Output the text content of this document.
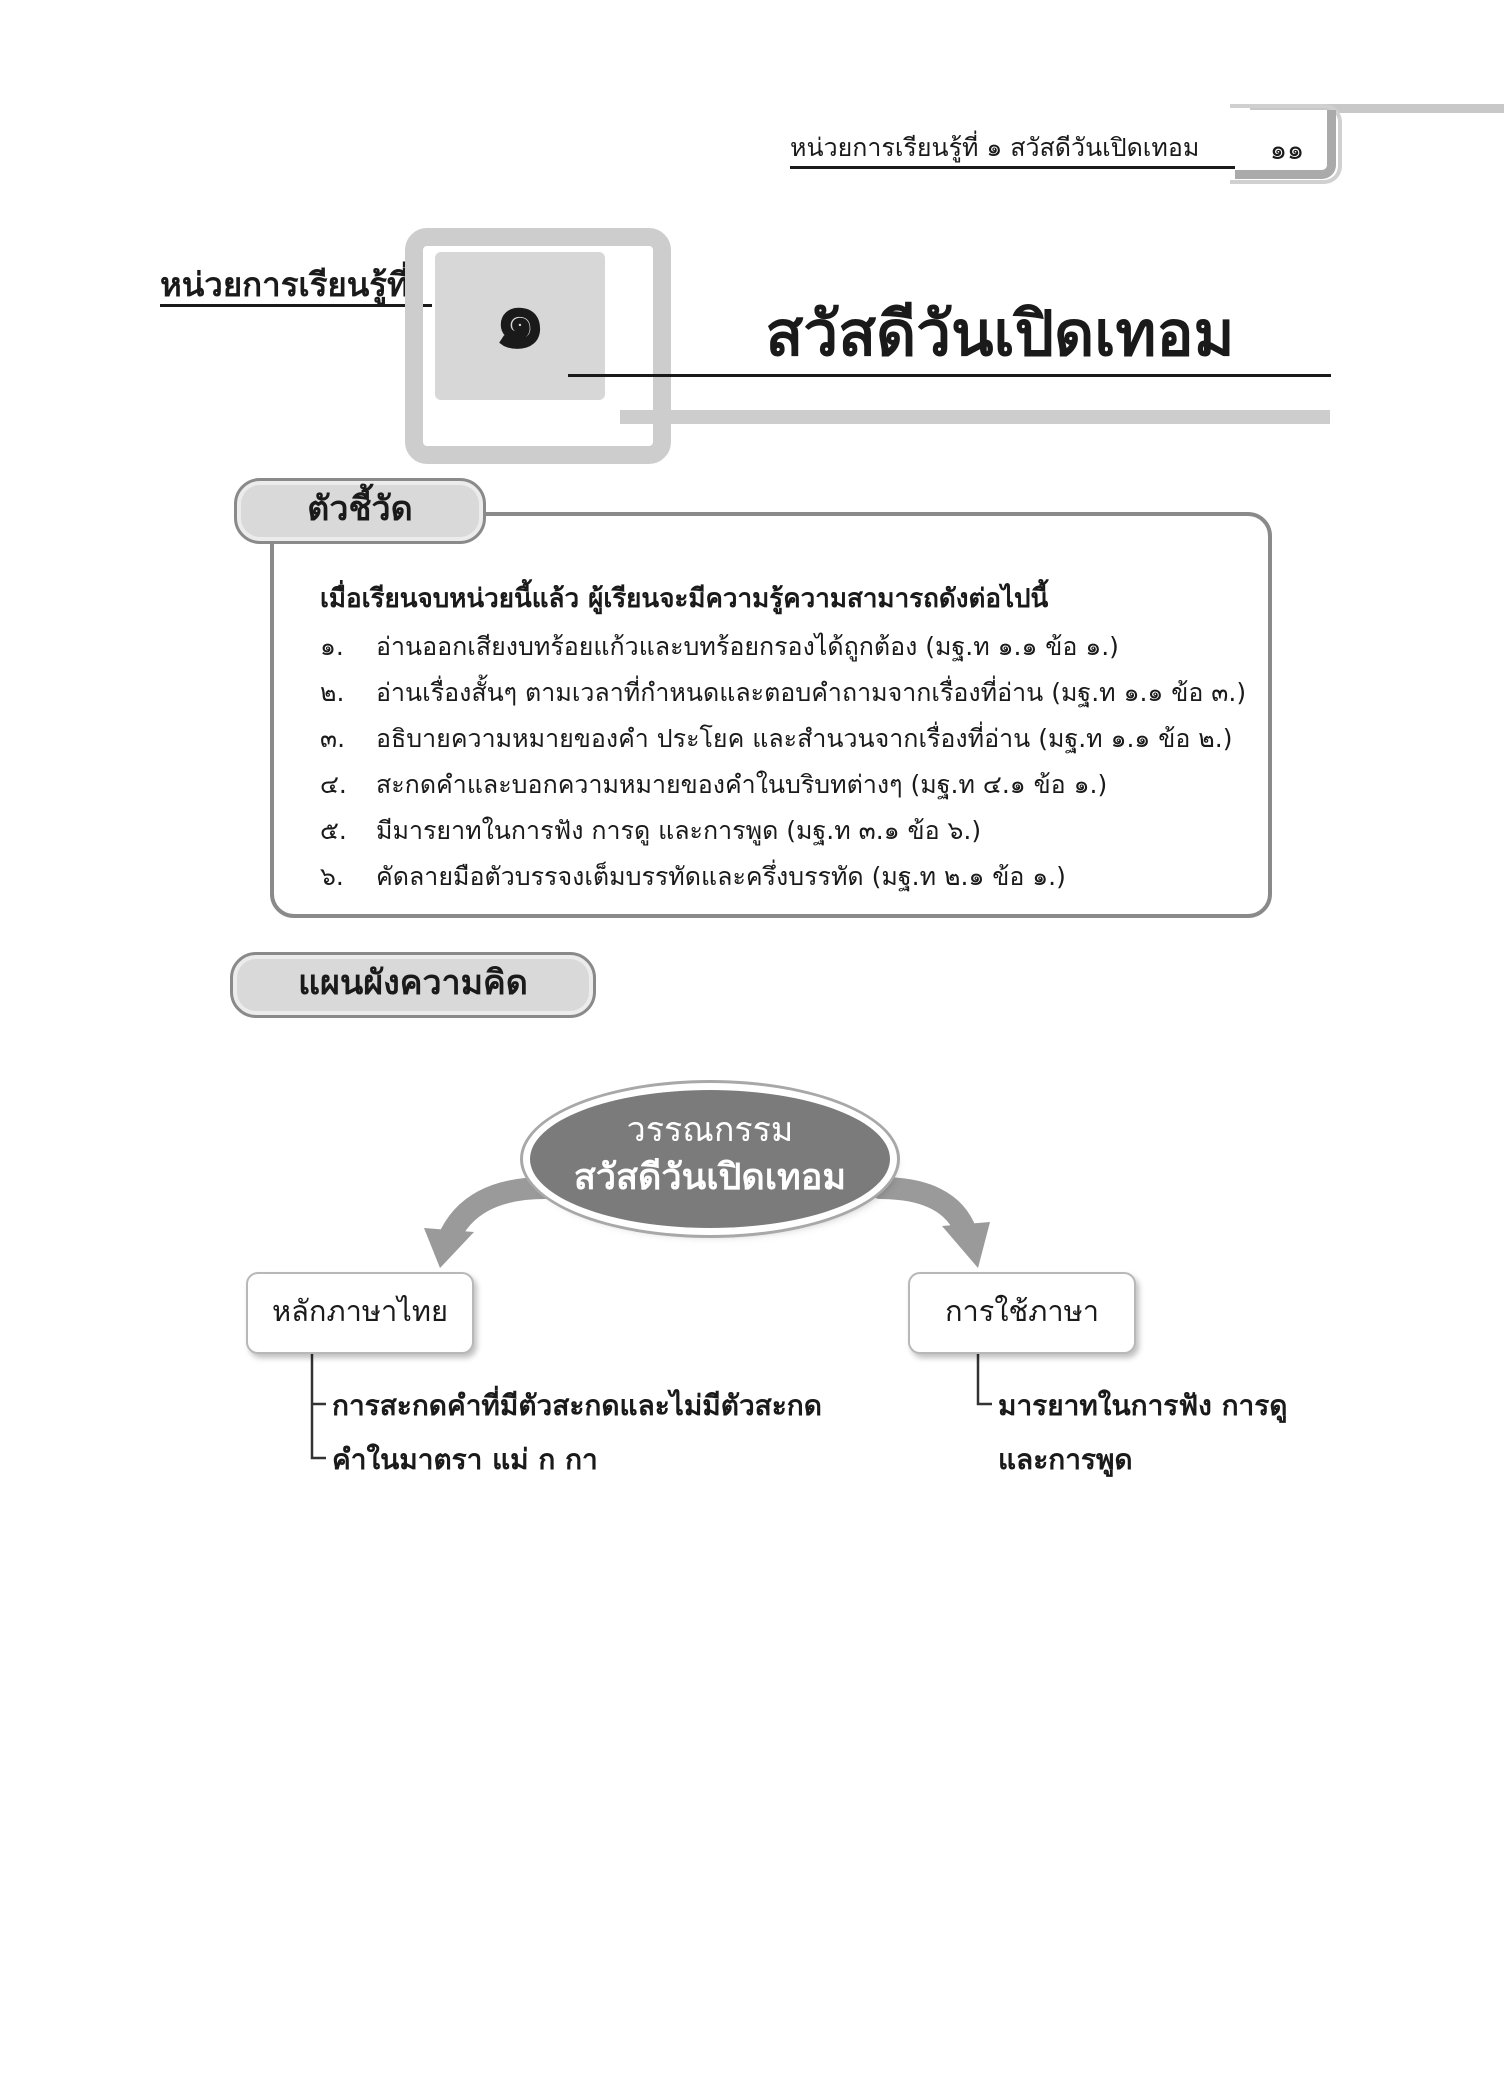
หน่วยการเรียนรู้ที่ ๑ สวัสดีวันเปิดเทอม	๑๑
หน่วยการเรียนรู้ที่	๑	สวัสดีวันเปิดเทอม
ตัวชี้วัด
เมื่อเรียนจบหน่วยนี้แล้ว ผู้เรียนจะมีความรู้ความสามารถดังต่อไปนี้
๑.	อ่านออกเสียงบทร้อยแก้วและบทร้อยกรองได้ถูกต้อง (มฐ.ท ๑.๑ ข้อ ๑.)
๒.	อ่านเรื่องสั้นๆ ตามเวลาที่กำหนดและตอบคำถามจากเรื่องที่อ่าน (มฐ.ท ๑.๑ ข้อ ๓.)
๓.	อธิบายความหมายของคำ ประโยค และสำนวนจากเรื่องที่อ่าน (มฐ.ท ๑.๑ ข้อ ๒.)
๔.	สะกดคำและบอกความหมายของคำในบริบทต่างๆ (มฐ.ท ๔.๑ ข้อ ๑.)
๕.	มีมารยาทในการฟัง การดู และการพูด (มฐ.ท ๓.๑ ข้อ ๖.)
๖.	คัดลายมือตัวบรรจงเต็มบรรทัดและครึ่งบรรทัด (มฐ.ท ๒.๑ ข้อ ๑.)
แผนผังความคิด
วรรณกรรม
สวัสดีวันเปิดเทอม
หลักภาษาไทย	การใช้ภาษา
การสะกดคำที่มีตัวสะกดและไม่มีตัวสะกด
คำในมาตรา แม่ ก กา
มารยาทในการฟัง การดู
และการพูด
